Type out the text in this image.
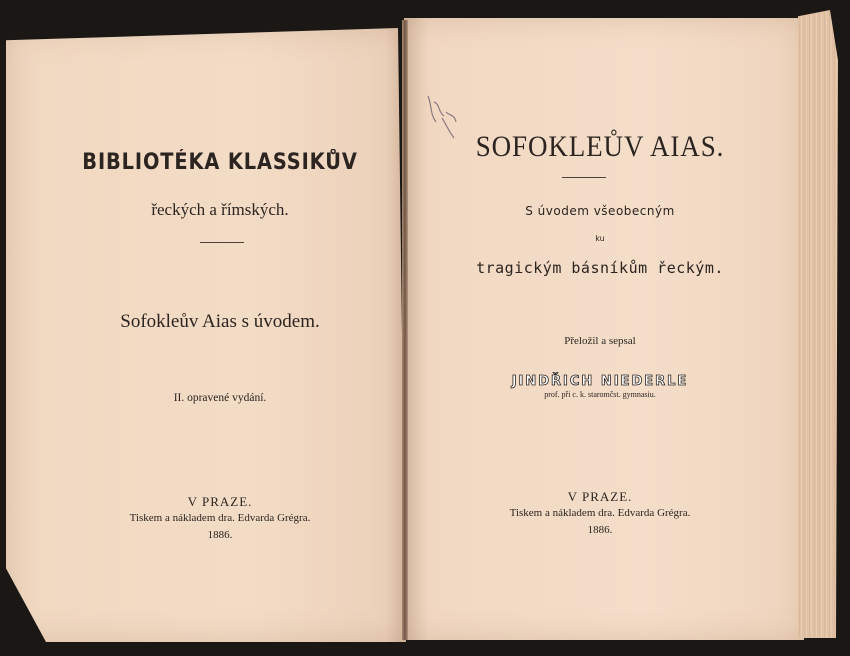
BIBLIOTÉKA KLASSIKŮV
řeckých a římských.
Sofokleův Aias s úvodem.
II. opravené vydání.
V PRAZE.
Tiskem a nákladem dra. Edvarda Grégra.
1886.
SOFOKLEŮV AIAS.
S úvodem všeobecným
ku
tragickým básníkům řeckým.
Přeložil a sepsal
JINDŘICH NIEDERLE
prof. při c. k. staromčst. gymnasiu.
V PRAZE.
Tiskem a nákladem dra. Edvarda Grégra.
1886.
